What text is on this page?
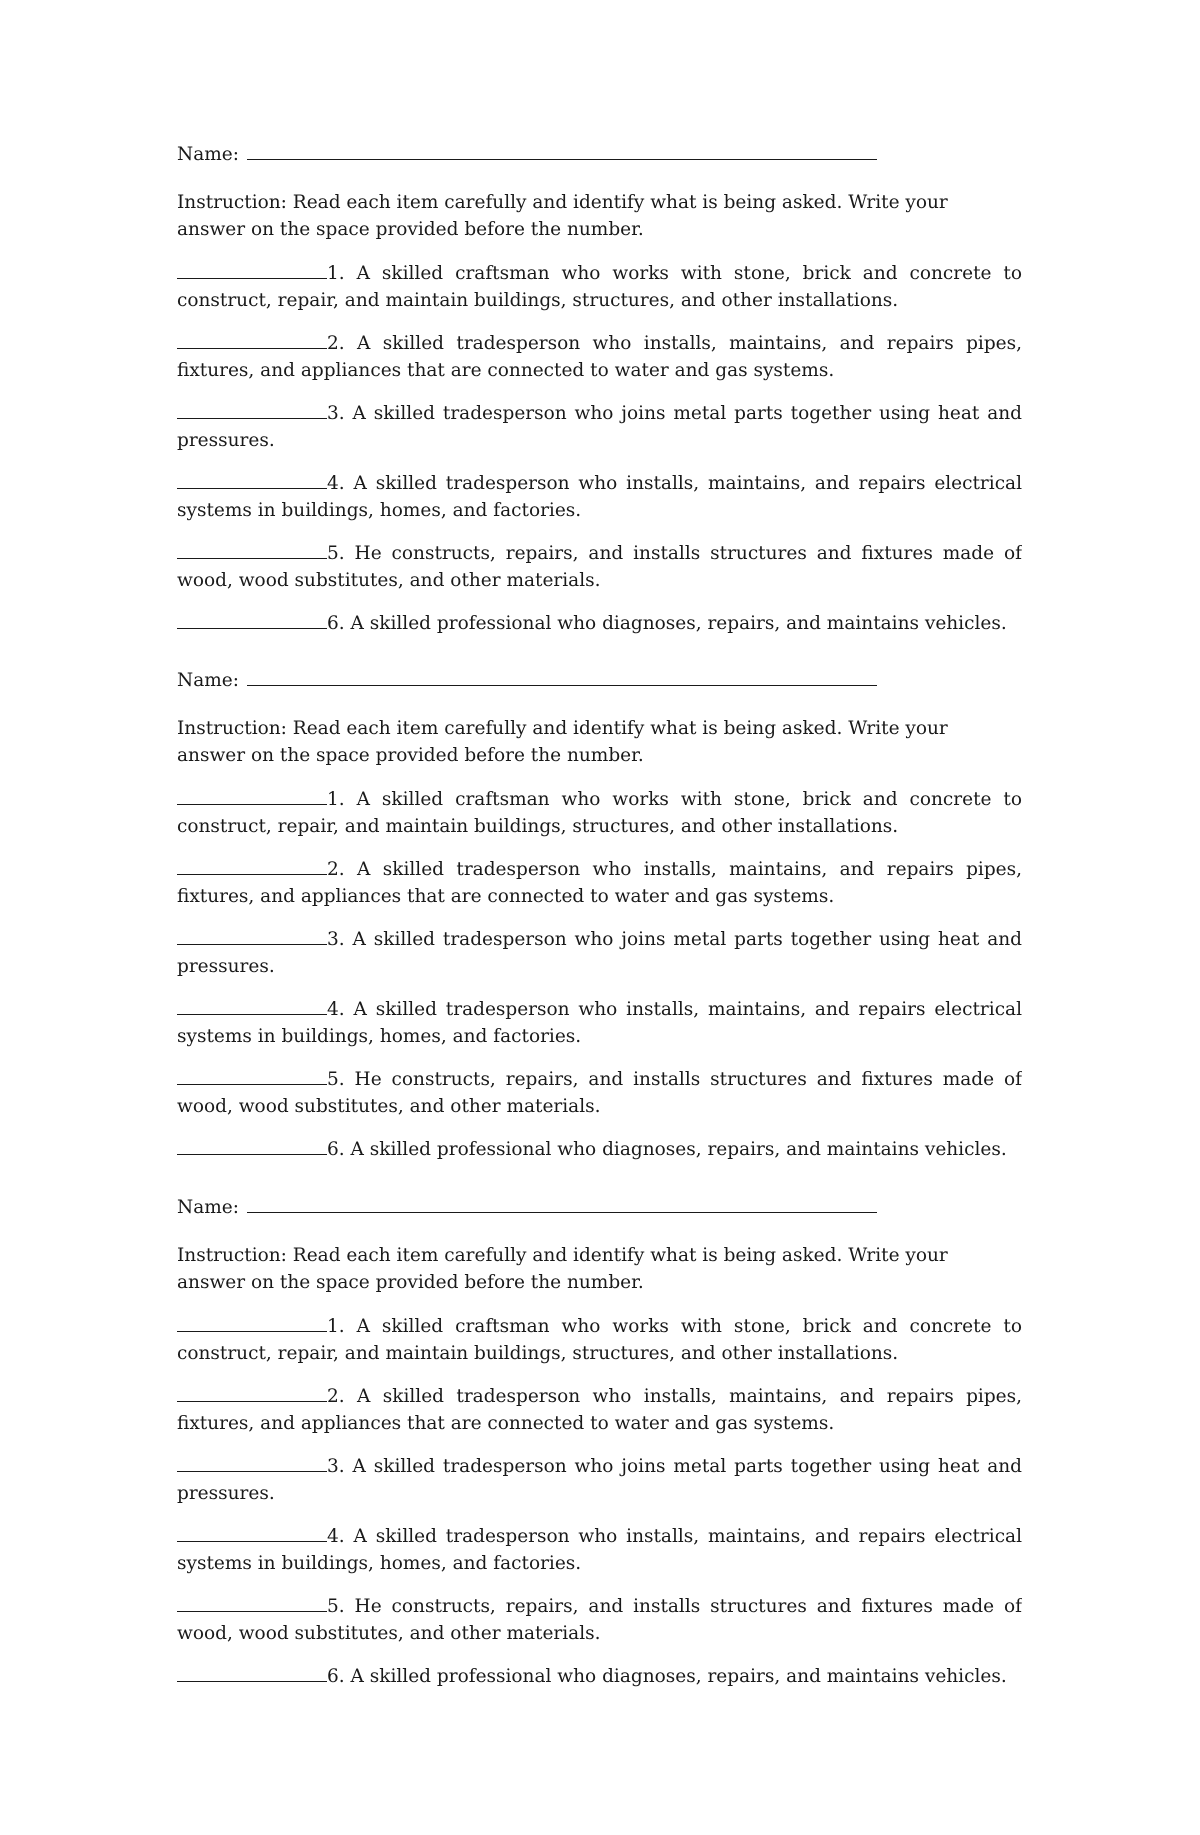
Name:
Instruction: Read each item carefully and identify what is being asked. Write your answer on the space provided before the number.
1. A skilled craftsman who works with stone, brick and concrete to construct, repair, and maintain buildings, structures, and other installations.
2. A skilled tradesperson who installs, maintains, and repairs pipes, fixtures, and appliances that are connected to water and gas systems.
3. A skilled tradesperson who joins metal parts together using heat and pressures.
4. A skilled tradesperson who installs, maintains, and repairs electrical systems in buildings, homes, and factories.
5. He constructs, repairs, and installs structures and fixtures made of wood, wood substitutes, and other materials.
6. A skilled professional who diagnoses, repairs, and maintains vehicles.
Name:
Instruction: Read each item carefully and identify what is being asked. Write your answer on the space provided before the number.
1. A skilled craftsman who works with stone, brick and concrete to construct, repair, and maintain buildings, structures, and other installations.
2. A skilled tradesperson who installs, maintains, and repairs pipes, fixtures, and appliances that are connected to water and gas systems.
3. A skilled tradesperson who joins metal parts together using heat and pressures.
4. A skilled tradesperson who installs, maintains, and repairs electrical systems in buildings, homes, and factories.
5. He constructs, repairs, and installs structures and fixtures made of wood, wood substitutes, and other materials.
6. A skilled professional who diagnoses, repairs, and maintains vehicles.
Name:
Instruction: Read each item carefully and identify what is being asked. Write your answer on the space provided before the number.
1. A skilled craftsman who works with stone, brick and concrete to construct, repair, and maintain buildings, structures, and other installations.
2. A skilled tradesperson who installs, maintains, and repairs pipes, fixtures, and appliances that are connected to water and gas systems.
3. A skilled tradesperson who joins metal parts together using heat and pressures.
4. A skilled tradesperson who installs, maintains, and repairs electrical systems in buildings, homes, and factories.
5. He constructs, repairs, and installs structures and fixtures made of wood, wood substitutes, and other materials.
6. A skilled professional who diagnoses, repairs, and maintains vehicles.
